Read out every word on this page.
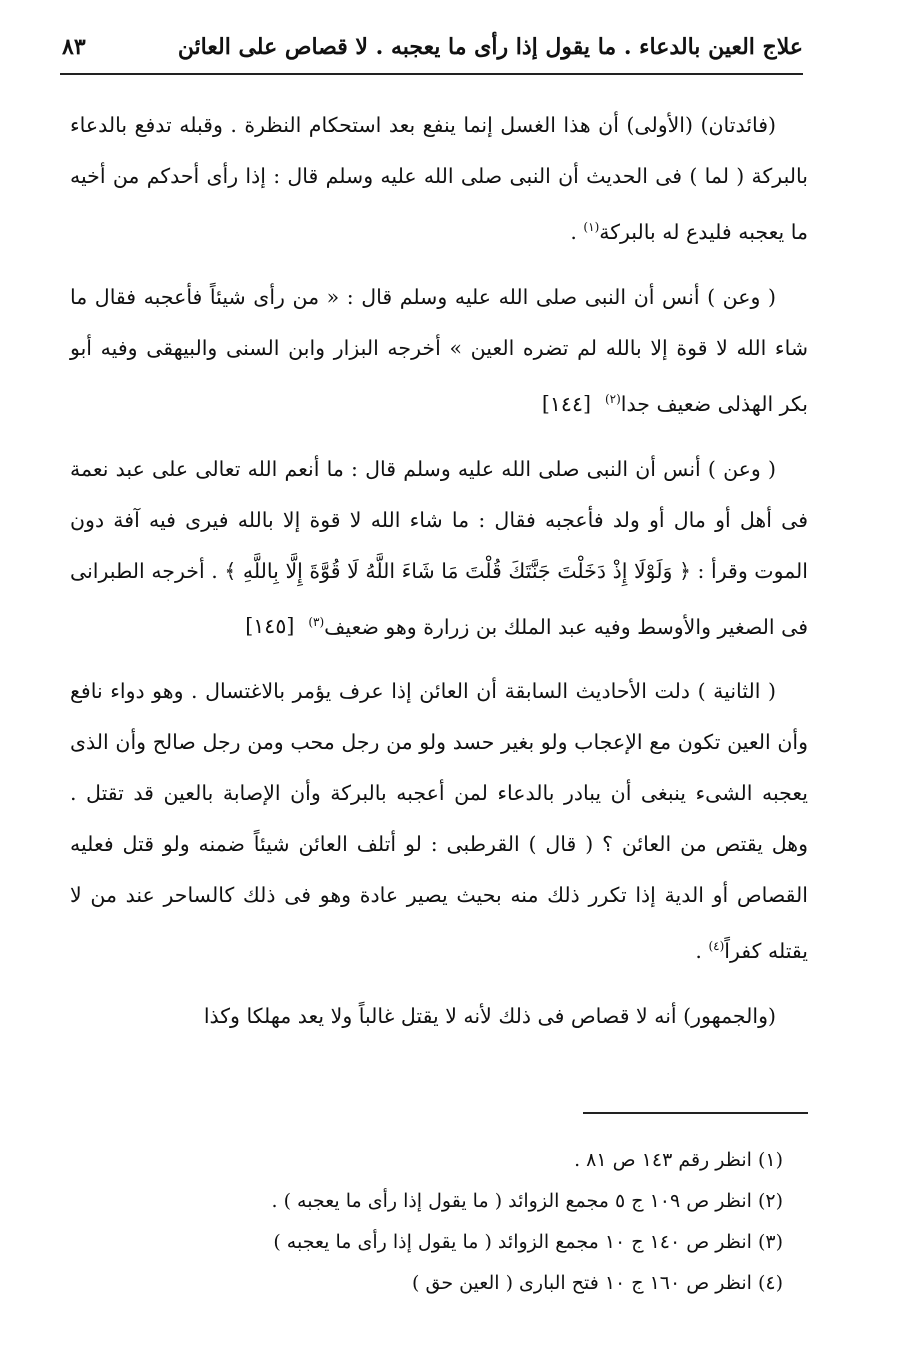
علاج العين بالدعاء . ما يقول إذا رأى ما يعجبه . لا قصاص على العائن
٨٣

(فائدتان) (الأولى) أن هذا الغسل إنما ينفع بعد استحكام النظرة . وقبله تدفع بالدعاء بالبركة ( لما ) فى الحديث أن النبى صلى الله عليه وسلم قال : إذا رأى أحدكم من أخيه ما يعجبه فليدع له بالبركة$^{(١)}$ .

( وعن ) أنس أن النبى صلى الله عليه وسلم قال : « من رأى شيئاً فأعجبه فقال ما شاء الله لا قوة إلا بالله لم تضره العين » أخرجه البزار وابن السنى والبيهقى وفيه أبو بكر الهذلى ضعيف جدا$^{(٢)}$[١٤٤]

( وعن ) أنس أن النبى صلى الله عليه وسلم قال : ما أنعم الله تعالى على عبد نعمة فى أهل أو مال أو ولد فأعجبه فقال : ما شاء الله لا قوة إلا بالله فيرى فيه آفة دون الموت وقرأ : ﴿ وَلَوْلَا إِذْ دَخَلْتَ جَنَّتَكَ قُلْتَ مَا شَاءَ اللَّهُ لَا قُوَّةَ إِلَّا بِاللَّهِ ﴾ . أخرجه الطبرانى فى الصغير والأوسط وفيه عبد الملك بن زرارة وهو ضعيف$^{(٣)}$[١٤٥]

( الثانية ) دلت الأحاديث السابقة أن العائن إذا عرف يؤمر بالاغتسال . وهو دواء نافع وأن العين تكون مع الإعجاب ولو بغير حسد ولو من رجل محب ومن رجل صالح وأن الذى يعجبه الشىء ينبغى أن يبادر بالدعاء لمن أعجبه بالبركة وأن الإصابة بالعين قد تقتل . وهل يقتص من العائن ؟ ( قال ) القرطبى : لو أتلف العائن شيئاً ضمنه ولو قتل فعليه القصاص أو الدية إذا تكرر ذلك منه بحيث يصير عادة وهو فى ذلك كالساحر عند من لا يقتله كفراً$^{(٤)}$ .

(والجمهور) أنه لا قصاص فى ذلك لأنه لا يقتل غالباً ولا يعد مهلكا وكذا

(١) انظر رقم ١٤٣ ص ٨١ .

(٢) انظر ص ١٠٩ ج ٥ مجمع الزوائد ( ما يقول إذا رأى ما يعجبه ) .

(٣) انظر ص ١٤٠ ج ١٠ مجمع الزوائد ( ما يقول إذا رأى ما يعجبه )

(٤) انظر ص ١٦٠ ج ١٠ فتح البارى ( العين حق )
